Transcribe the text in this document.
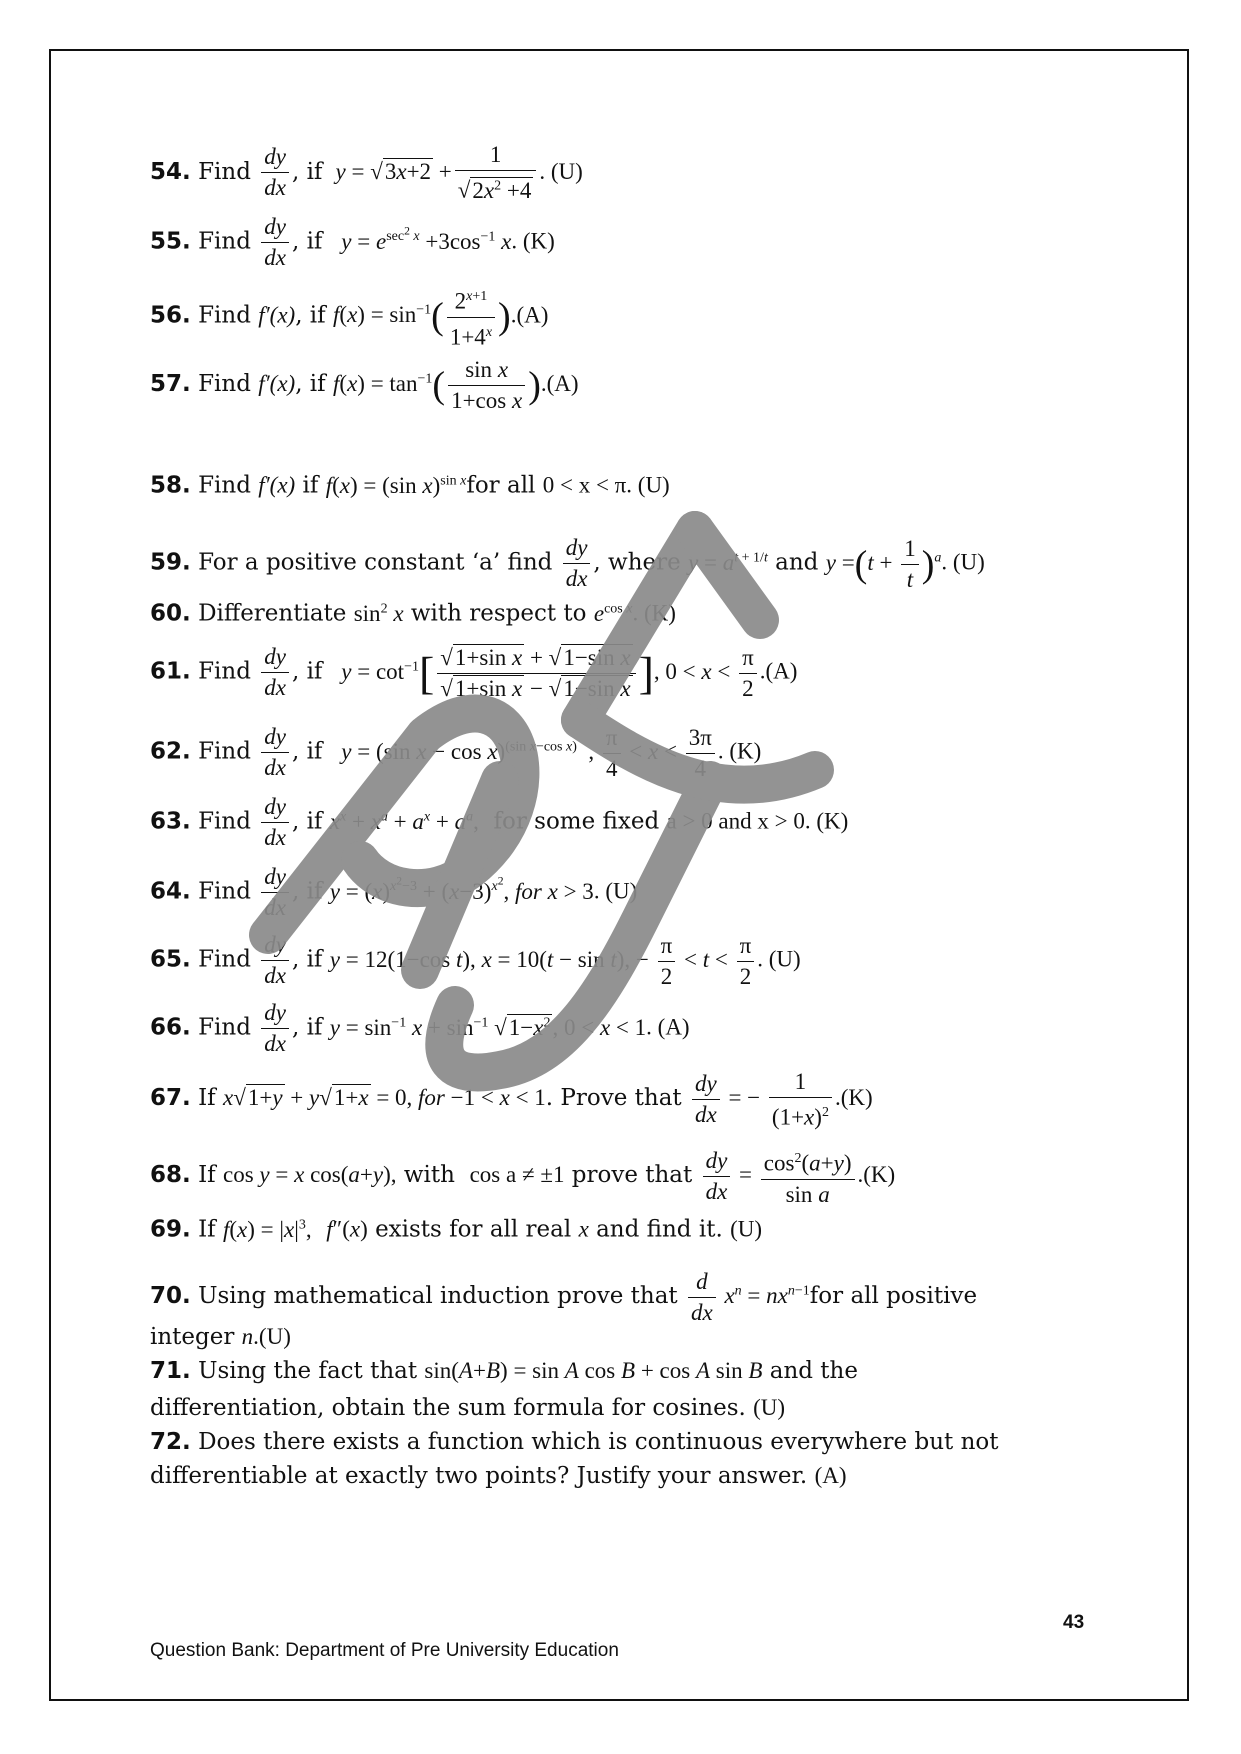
54. Find $\frac{dy}{dx}$ , if $y = √3x+2 + \frac{1}{√2x^2 +4}$ . (U)
55. Find $\frac{dy}{dx}$ , if $y = e^{sec^2 x} +3\cos^{-1}$ x. (K)
56. Find f′(x), if $f(x) = \sin^{-1}( \frac{2^{x+1}}{1+4^x} ).(A)$
57. Find f′(x), if $f(x) = \tan^{-1}( \frac{\text{sin x}}{\text{1+cos x}} ).(A)$
58. Find f′(x) if f(x) = (sin x)$^{sin x}$for all 0 < x < π. (U)
59. For a positive constant ‘a’ find $\frac{dy}{dx}$ , where $y = a^{t + 1/t}$ and $y =(t + \frac{1}{t} )^a$. (U)
60. Differentiate $\sin^2 x$ with respect to $e^{cos x}$. (K)
61. Find $\frac{dy}{dx}$ , if $y = \cot^{-1}[ \frac{\text{√1+sin x + √1−sin x}}{\text{√1+sin x − √1−sin x}}$ ], $0 < x < \frac{\pi}{2} .(A)$
62. Find $\frac{dy}{dx}$ , if y = (sin x − cos x)$^{(sin x-cos x)}$  , $\frac{\pi}{4} < x < \frac{3\pi}{4}$ . (K)
63. Find $\frac{dy}{dx}$ , if $x^x + x^a + a^x + a^a$, for some fixed a > 0 and x > 0. (K)
64. Find $\frac{dy}{dx}$ , if $y = (x)^{x^2-3} + (x-3)^{x^2}$, for x > 3. (U)
65. Find $\frac{dy}{dx}$ , if y = 12(1−cos t), x = 10(t − sin t), − $\frac{\pi}{2} < t < \frac{\pi}{2}$ . (U)
66. Find $\frac{dy}{dx}$ , if $y = \sin^{-1} x + \sin^{-1} √1-x^2$, 0 < x < 1. (A)
67. If x√1+y + y√1+x = 0, for −1 < x < 1. Prove that $\frac{dy}{dx}$ = − $\frac{1}{(1+x)^2} .(K)$
68. If cos y = x cos(a+y), with cos a ≠ ±1 prove that $\frac{dy}{dx} = \frac{\cos^2(a+y)}{\text{sin a}} .(K)$
69. If $f(x) = |x|^3$, f″(x) exists for all real x and find it. (U)
70. Using mathematical induction prove that $\frac{d}{dx} x^n = nx^{n-1}for$ all positive
integer n.(U)
71. Using the fact that sin(A+B) = sin A cos B + cos A sin B and the
differentiation, obtain the sum formula for cosines. (U)
72. Does there exists a function which is continuous everywhere but not
differentiable at exactly two points? Justify your answer. (A)
43
Question Bank: Department of Pre University Education
